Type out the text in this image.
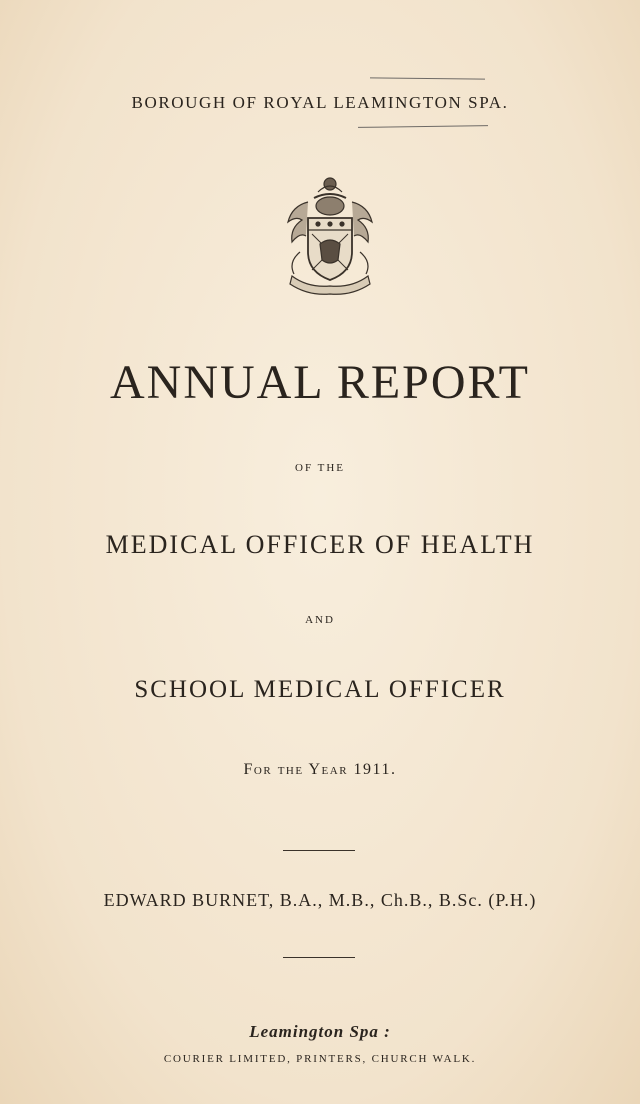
BOROUGH OF ROYAL LEAMINGTON SPA.
ANNUAL REPORT
OF THE
MEDICAL OFFICER OF HEALTH
AND
SCHOOL MEDICAL OFFICER
For the Year 1911.
EDWARD BURNET, B.A., M.B., Ch.B., B.Sc. (P.H.)
Leamington Spa :
COURIER LIMITED, PRINTERS, CHURCH WALK.
